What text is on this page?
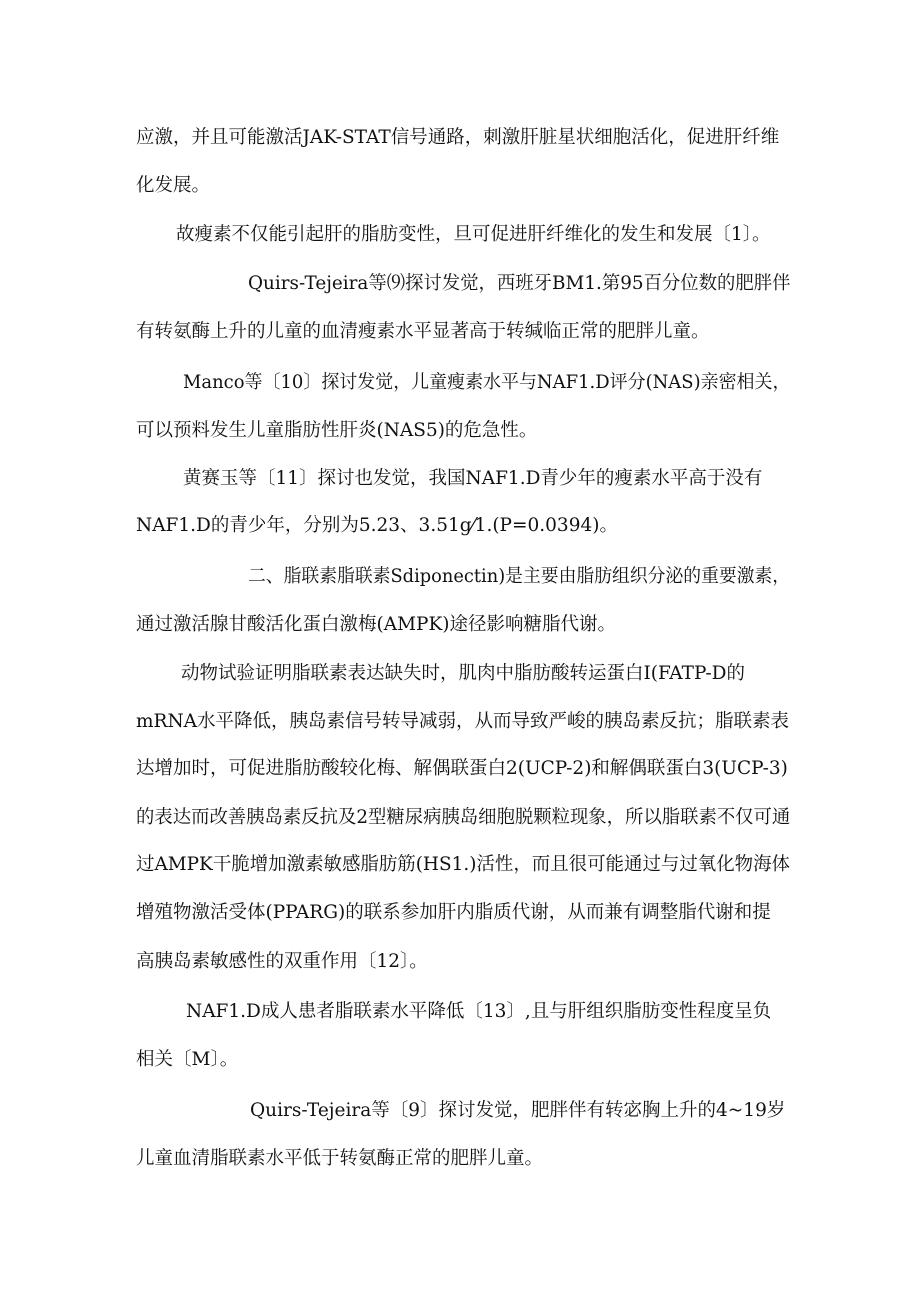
应激，并且可能激活JAK-STAT信号通路，刺激肝脏星状细胞活化，促进肝纤维
化发展。
故瘦素不仅能引起肝的脂肪变性，旦可促进肝纤维化的发生和发展〔1〕。
Quirs-Tejeira等⑼探讨发觉，西班牙BM1.第95百分位数的肥胖伴
有转氨酶上升的儿童的血清瘦素水平显著高于转缄临正常的肥胖儿童。
Manco等〔10〕探讨发觉，儿童瘦素水平与NAF1.D评分(NAS)亲密相关，
可以预料发生儿童脂肪性肝炎(NAS5)的危急性。
黄赛玉等〔11〕探讨也发觉，我国NAF1.D青少年的瘦素水平高于没有
NAF1.D的青少年，分别为5.23、3.51g⁄1.(P=0.0394)。
二、脂联素脂联素Sdiponectin)是主要由脂肪组织分泌的重要激素，
通过激活腺甘酸活化蛋白激梅(AMPK)途径影响糖脂代谢。
动物试验证明脂联素表达缺失时，肌肉中脂肪酸转运蛋白I(FATP-D的
mRNA水平降低，胰岛素信号转导减弱，从而导致严峻的胰岛素反抗；脂联素表
达增加时，可促进脂肪酸较化梅、解偶联蛋白2(UCP-2)和解偶联蛋白3(UCP-3)
的表达而改善胰岛素反抗及2型糖尿病胰岛细胞脱颗粒现象，所以脂联素不仅可通
过AMPK干脆增加激素敏感脂肪筋(HS1.)活性，而且很可能通过与过氧化物海体
增殖物激活受体(PPARG)的联系参加肝内脂质代谢，从而兼有调整脂代谢和提
高胰岛素敏感性的双重作用〔12〕。
NAF1.D成人患者脂联素水平降低〔13〕,且与肝组织脂肪变性程度呈负
相关〔M〕。
Quirs-Tejeira等〔9〕探讨发觉，肥胖伴有转宓胸上升的4~19岁
儿童血清脂联素水平低于转氨酶正常的肥胖儿童。
